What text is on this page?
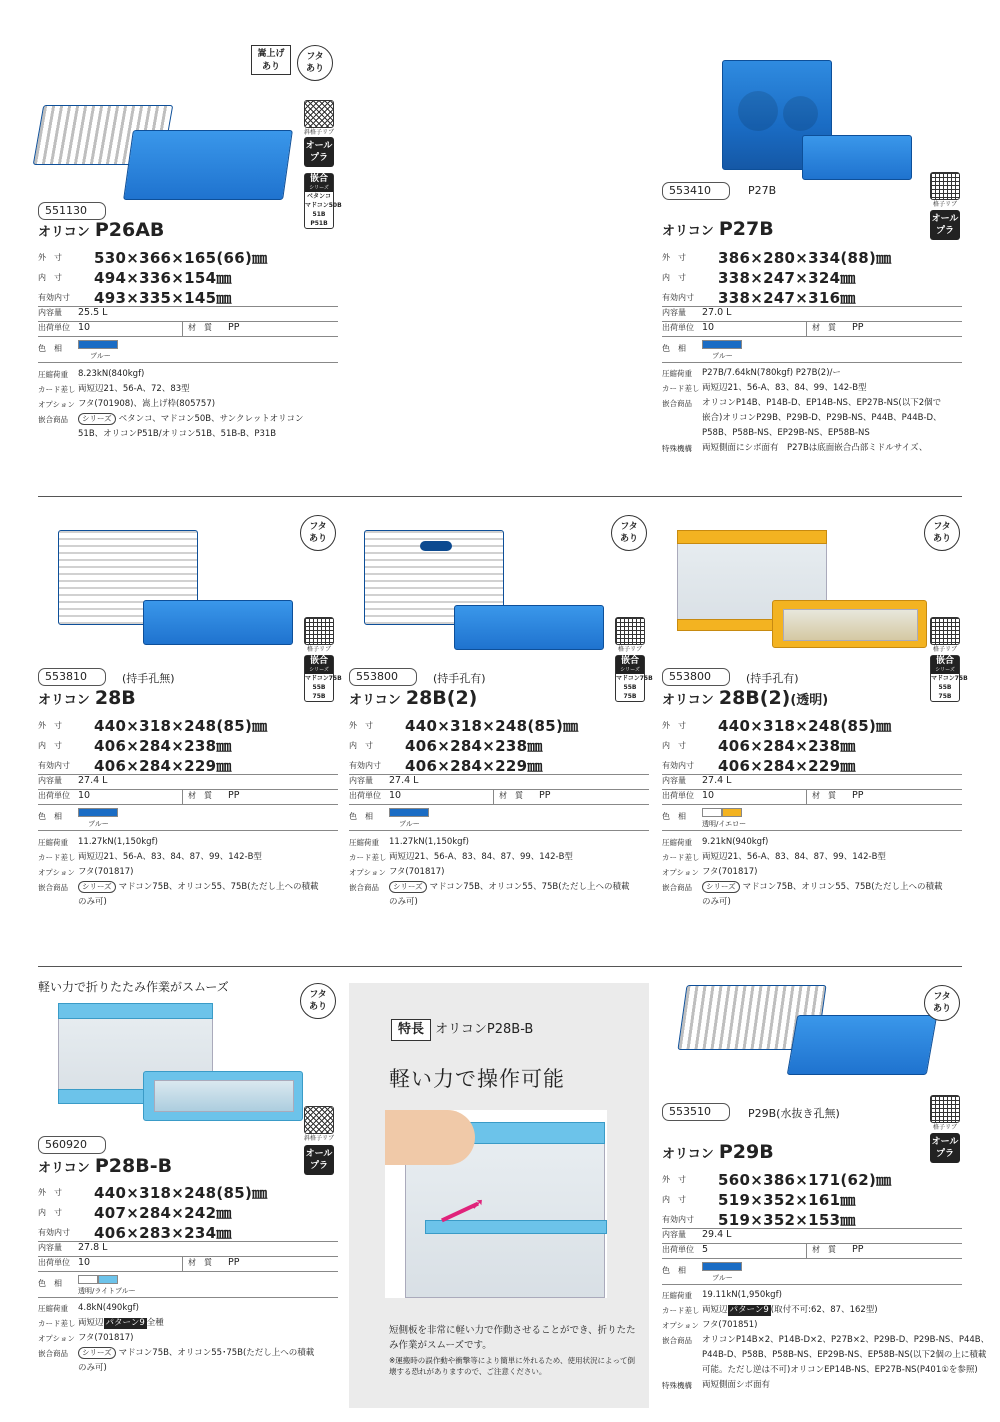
嵩上げ
あり
フタ
あり
斜格子リブ
オール
プラ
嵌合
シリーズ
ベタンコ
マドコン50B
51B
P51B
551130
オリコン P26AB
外　寸 530×366×165(66)㎜
内　寸 494×336×154㎜
有効内寸 493×335×145㎜
内容量 25.5 L
出荷単位 10	材　質 PP
色　相
ブルー
圧縮荷重 8.23kN(840kgf)
カード差し 両短辺21、56-A、72、83型
オプション フタ(701908)、嵩上げ枠(805757)
嵌合商品 シリーズ ベタンコ、マドコン50B、サンクレットオリコン
51B、オリコンP51B/オリコン51B、51B-B、P31B
553410	P27B
格子リブ
オール
プラ
オリコン P27B
外　寸 386×280×334(88)㎜
内　寸 338×247×324㎜
有効内寸 338×247×316㎜
内容量 27.0 L
出荷単位 10	材　質 PP
色　相
ブルー
圧縮荷重 P27B/7.64kN(780kgf) P27B(2)/ー
カード差し 両短辺21、56-A、83、84、99、142-B型
嵌合商品 オリコンP14B、P14B-D、EP14B-NS、EP27B-NS(以下2個で
嵌合)オリコンP29B、P29B-D、P29B-NS、P44B、P44B-D、
P58B、P58B-NS、EP29B-NS、EP58B-NS
特殊機構 両短側面にシボ面有　P27Bは底面嵌合凸部ミドルサイズ、
フタ
あり
格子リブ
嵌合
シリーズ
マドコン75B
55B
75B
553810	(持手孔無)
オリコン 28B
外　寸 440×318×248(85)㎜
内　寸 406×284×238㎜
有効内寸 406×284×229㎜
内容量 27.4 L
出荷単位 10	材　質 PP
色　相
ブルー
圧縮荷重 11.27kN(1,150kgf)
カード差し 両短辺21、56-A、83、84、87、99、142-B型
オプション フタ(701817)
嵌合商品 シリーズ マドコン75B、オリコン55、75B(ただし上への積載
のみ可)
フタ
あり
格子リブ
嵌合
シリーズ
マドコン75B
55B
75B
553800	(持手孔有)
オリコン 28B(2)
外　寸 440×318×248(85)㎜
内　寸 406×284×238㎜
有効内寸 406×284×229㎜
内容量 27.4 L
出荷単位 10	材　質 PP
色　相
ブルー
圧縮荷重 11.27kN(1,150kgf)
カード差し 両短辺21、56-A、83、84、87、99、142-B型
オプション フタ(701817)
嵌合商品 シリーズ マドコン75B、オリコン55、75B(ただし上への積載
のみ可)
フタ
あり
格子リブ
嵌合
シリーズ
マドコン75B
55B
75B
553800	(持手孔有)
オリコン 28B(2)(透明)
外　寸 440×318×248(85)㎜
内　寸 406×284×238㎜
有効内寸 406×284×229㎜
内容量 27.4 L
出荷単位 10	材　質 PP
色　相
透明/イエロー
圧縮荷重 9.21kN(940kgf)
カード差し 両短辺21、56-A、83、84、87、99、142-B型
オプション フタ(701817)
嵌合商品 シリーズ マドコン75B、オリコン55、75B(ただし上への積載
のみ可)
軽い力で折りたたみ作業がスムーズ
フタ
あり
斜格子リブ
オール
プラ
560920
オリコン P28B-B
外　寸 440×318×248(85)㎜
内　寸 407×284×242㎜
有効内寸 406×283×234㎜
内容量 27.8 L
出荷単位 10	材　質 PP
色　相
透明/ライトブルー
圧縮荷重 4.8kN(490kgf)
カード差し 両短辺 パターン9 全種
オプション フタ(701817)
嵌合商品 シリーズ マドコン75B、オリコン55･75B(ただし上への積載
のみ可)
特長 オリコンP28B-B
軽い力で操作可能
➚
短側板を非常に軽い力で作動させることができ、折りたたみ作業がスムーズです。
※運搬時の誤作動や衝撃等により簡単に外れるため、使用状況によって倒壊する恐れがありますので、ご注意ください。
フタ
あり
553510	P29B(水抜き孔無)
格子リブ
オール
プラ
オリコン P29B
外　寸 560×386×171(62)㎜
内　寸 519×352×161㎜
有効内寸 519×352×153㎜
内容量 29.4 L
出荷単位 5	材　質 PP
色　相
ブルー
圧縮荷重 19.11kN(1,950kgf)
カード差し 両短辺 パターン9 (取付不可:62、87、162型)
オプション フタ(701851)
嵌合商品 オリコンP14B×2、P14B-D×2、P27B×2、P29B-D、P29B-NS、P44B、
P44B-D、P58B、P58B-NS、EP29B-NS、EP58B-NS(以下2個の上に積載
可能。ただし逆は不可)オリコンEP14B-NS、EP27B-NS(P401①を参照)
特殊機構 両短側面シボ面有
